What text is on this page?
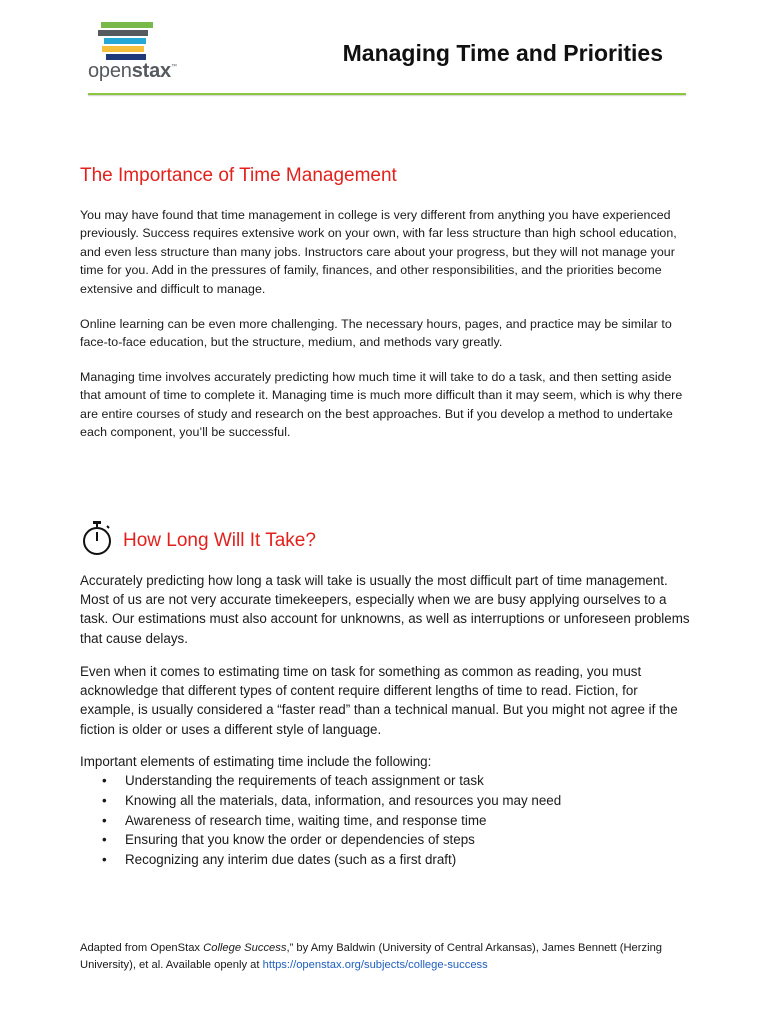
openstax™
Managing Time and Priorities
The Importance of Time Management

You may have found that time management in college is very different from anything you have experienced previously. Success requires extensive work on your own, with far less structure than high school education, and even less structure than many jobs. Instructors care about your progress, but they will not manage your time for you. Add in the pressures of family, finances, and other responsibilities, and the priorities become extensive and difficult to manage.

Online learning can be even more challenging. The necessary hours, pages, and practice may be similar to face-to-face education, but the structure, medium, and methods vary greatly.

Managing time involves accurately predicting how much time it will take to do a task, and then setting aside that amount of time to complete it. Managing time is much more difficult than it may seem, which is why there are entire courses of study and research on the best approaches. But if you develop a method to undertake each component, you’ll be successful.

How Long Will It Take?

Accurately predicting how long a task will take is usually the most difficult part of time management. Most of us are not very accurate timekeepers, especially when we are busy applying ourselves to a task. Our estimations must also account for unknowns, as well as interruptions or unforeseen problems that cause delays.

Even when it comes to estimating time on task for something as common as reading, you must acknowledge that different types of content require different lengths of time to read. Fiction, for example, is usually considered a “faster read” than a technical manual. But you might not agree if the fiction is older or uses a different style of language.

Important elements of estimating time include the following:

• Understanding the requirements of teach assignment or task
• Knowing all the materials, data, information, and resources you may need
• Awareness of research time, waiting time, and response time
• Ensuring that you know the order or dependencies of steps
• Recognizing any interim due dates (such as a first draft)
Adapted from OpenStax College Success,” by Amy Baldwin (University of Central Arkansas), James Bennett (Herzing University), et al. Available openly at https://openstax.org/subjects/college-success
